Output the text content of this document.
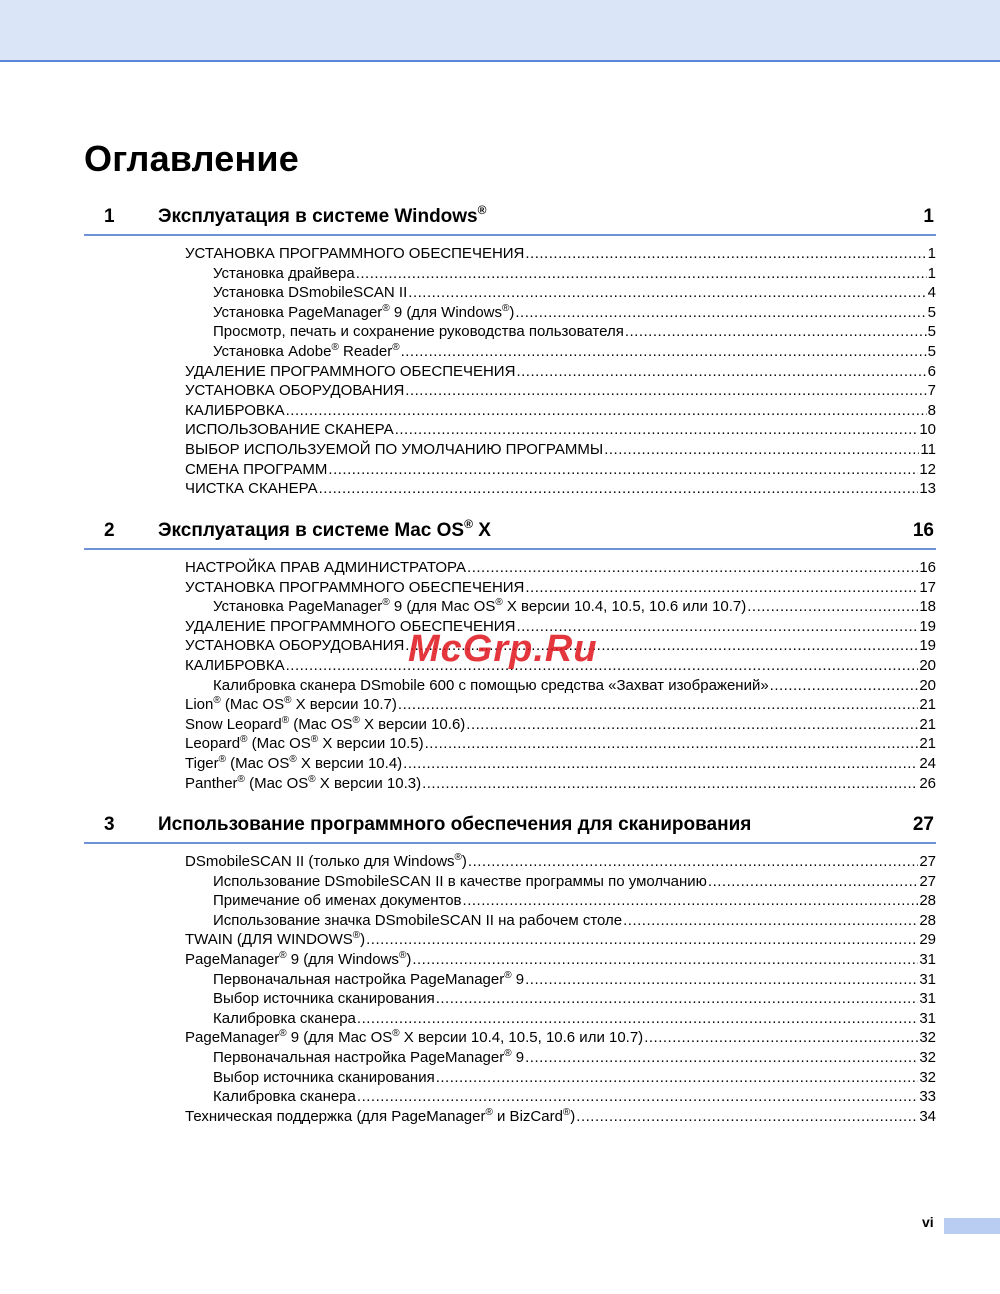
Оглавление
1 Эксплуатация в системе Windows®	1
УСТАНОВКА ПРОГРАММНОГО ОБЕСПЕЧЕНИЯ .....	1
Установка драйвера .....	1
Установка DSmobileSCAN II .....	4
Установка PageManager® 9 (для Windows®) .....	5
Просмотр, печать и сохранение руководства пользователя .....	5
Установка Adobe® Reader® .....	5
УДАЛЕНИЕ ПРОГРАММНОГО ОБЕСПЕЧЕНИЯ .....	6
УСТАНОВКА ОБОРУДОВАНИЯ .....	7
КАЛИБРОВКА .....	8
ИСПОЛЬЗОВАНИЕ СКАНЕРА .....	10
ВЫБОР ИСПОЛЬЗУЕМОЙ ПО УМОЛЧАНИЮ ПРОГРАММЫ .....	11
СМЕНА ПРОГРАММ .....	12
ЧИСТКА СКАНЕРА .....	13
2 Эксплуатация в системе Mac OS® X	16
НАСТРОЙКА ПРАВ АДМИНИСТРАТОРА .....	16
УСТАНОВКА ПРОГРАММНОГО ОБЕСПЕЧЕНИЯ .....	17
Установка PageManager® 9 (для Mac OS® X версии 10.4, 10.5, 10.6 или 10.7) .....	18
УДАЛЕНИЕ ПРОГРАММНОГО ОБЕСПЕЧЕНИЯ .....	19
УСТАНОВКА ОБОРУДОВАНИЯ .....	19
КАЛИБРОВКА .....	20
Калибровка сканера DSmobile 600 с помощью средства «Захват изображений» .....	20
Lion® (Mac OS® X версии 10.7) .....	21
Snow Leopard® (Mac OS® X версии 10.6) .....	21
Leopard® (Mac OS® X версии 10.5) .....	21
Tiger® (Mac OS® X версии 10.4) .....	24
Panther® (Mac OS® X версии 10.3) .....	26
3 Использование программного обеспечения для сканирования	27
DSmobileSCAN II (только для Windows®) .....	27
Использование DSmobileSCAN II в качестве программы по умолчанию .....	27
Примечание об именах документов .....	28
Использование значка DSmobileSCAN II на рабочем столе .....	28
TWAIN (ДЛЯ WINDOWS®) .....	29
PageManager® 9 (для Windows®) .....	31
Первоначальная настройка PageManager® 9 .....	31
Выбор источника сканирования .....	31
Калибровка сканера .....	31
PageManager® 9 (для Mac OS® X версии 10.4, 10.5, 10.6 или 10.7) .....	32
Первоначальная настройка PageManager® 9 .....	32
Выбор источника сканирования .....	32
Калибровка сканера .....	33
Техническая поддержка (для PageManager® и BizCard®) .....	34
McGrp.Ru
vi
